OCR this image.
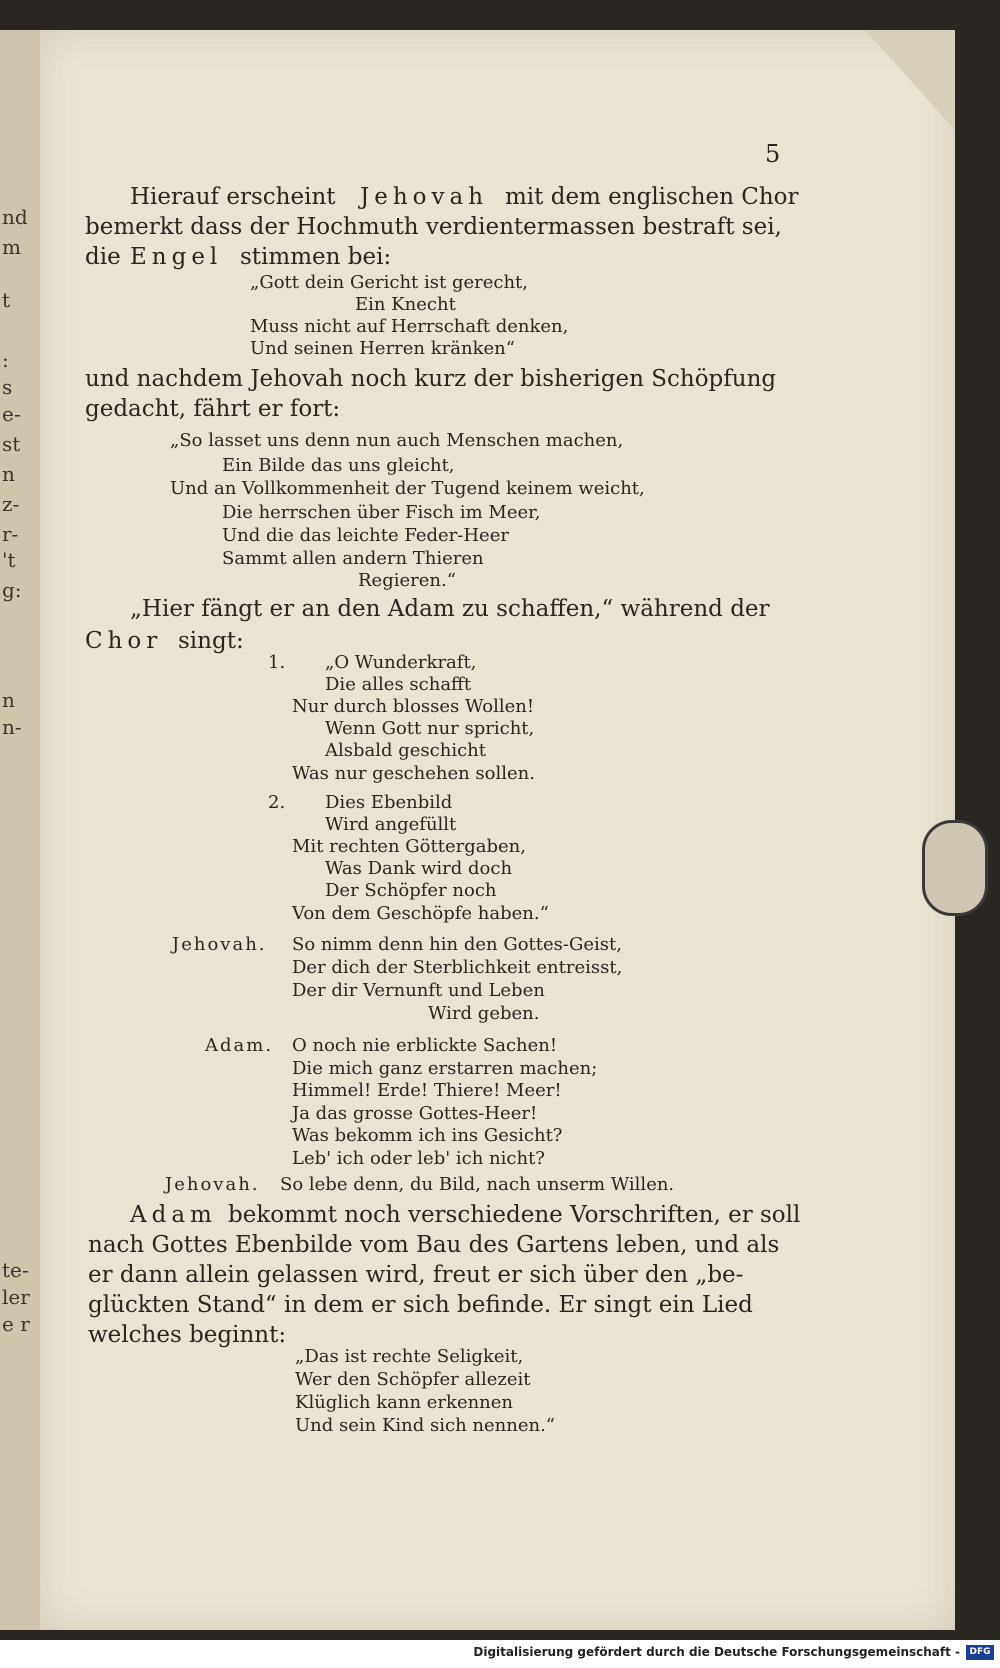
nd
m
t
:
s
e-
st
n
z-
r-
't
g:
n
n-
te-
ler
e r
5
Hierauf erscheint Jehovah mit dem englischen Chor
bemerkt dass der Hochmuth verdientermassen bestraft sei,
die Engel stimmen bei:
„Gott dein Gericht ist gerecht,
Ein Knecht
Muss nicht auf Herrschaft denken,
Und seinen Herren kränken“
und nachdem Jehovah noch kurz der bisherigen Schöpfung
gedacht, fährt er fort:
„So lasset uns denn nun auch Menschen machen,
Ein Bilde das uns gleicht,
Und an Vollkommenheit der Tugend keinem weicht,
Die herrschen über Fisch im Meer,
Und die das leichte Feder-Heer
Sammt allen andern Thieren
Regieren.“
„Hier fängt er an den Adam zu schaffen,“ während der
Chor singt:
1. „O Wunderkraft,
Die alles schafft
Nur durch blosses Wollen!
Wenn Gott nur spricht,
Alsbald geschicht
Was nur geschehen sollen.
2. Dies Ebenbild
Wird angefüllt
Mit rechten Göttergaben,
Was Dank wird doch
Der Schöpfer noch
Von dem Geschöpfe haben.“
Jehovah. So nimm denn hin den Gottes-Geist,
Der dich der Sterblichkeit entreisst,
Der dir Vernunft und Leben
Wird geben.
Adam. O noch nie erblickte Sachen!
Die mich ganz erstarren machen;
Himmel! Erde! Thiere! Meer!
Ja das grosse Gottes-Heer!
Was bekomm ich ins Gesicht?
Leb' ich oder leb' ich nicht?
Jehovah. So lebe denn, du Bild, nach unserm Willen.
Adam bekommt noch verschiedene Vorschriften, er soll
nach Gottes Ebenbilde vom Bau des Gartens leben, und als
er dann allein gelassen wird, freut er sich über den „be-
glückten Stand“ in dem er sich befinde. Er singt ein Lied
welches beginnt:
„Das ist rechte Seligkeit,
Wer den Schöpfer allezeit
Klüglich kann erkennen
Und sein Kind sich nennen.“
Digitalisierung gefördert durch die Deutsche Forschungsgemeinschaft -	DFG
